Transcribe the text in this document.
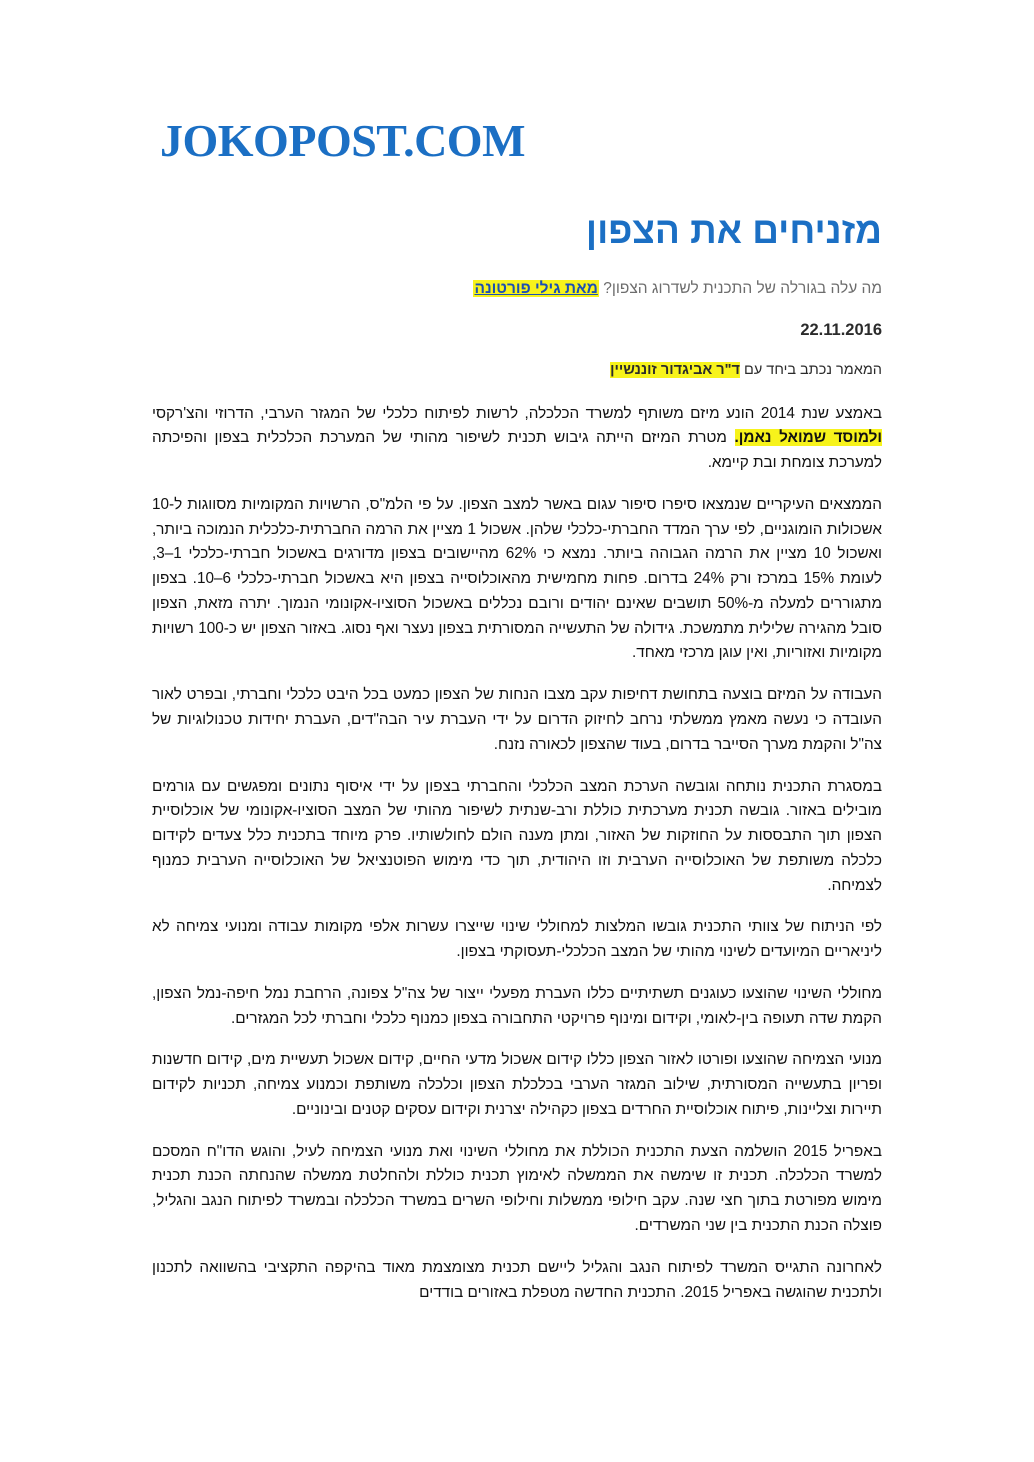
JOKOPOST.COM
מזניחים את הצפון
מה עלה בגורלה של התכנית לשדרוג הצפון? מאת גילי פורטונה
22.11.2016
המאמר נכתב ביחד עם ד"ר אביגדור זוננשיין

באמצע שנת 2014 הונע מיזם משותף למשרד הכלכלה, לרשות לפיתוח כלכלי של המגזר הערבי, הדרוזי והצ'רקסי ולמוסד שמואל נאמן. מטרת המיזם הייתה גיבוש תכנית לשיפור מהותי של המערכת הכלכלית בצפון והפיכתה למערכת צומחת ובת קיימא.

הממצאים העיקריים שנמצאו סיפרו סיפור עגום באשר למצב הצפון. על פי הלמ"ס, הרשויות המקומיות מסווגות ל-10 אשכולות הומוגניים, לפי ערך המדד החברתי-כלכלי שלהן. אשכול 1 מציין את הרמה החברתית-כלכלית הנמוכה ביותר, ואשכול 10 מציין את הרמה הגבוהה ביותר. נמצא כי 62% מהיישובים בצפון מדורגים באשכול חברתי-כלכלי 1–3, לעומת 15% במרכז ורק 24% בדרום. פחות מחמישית מהאוכלוסייה בצפון היא באשכול חברתי-כלכלי 6–10. בצפון מתגוררים למעלה מ-50% תושבים שאינם יהודים ורובם נכללים באשכול הסוציו-אקונומי הנמוך. יתרה מזאת, הצפון סובל מהגירה שלילית מתמשכת. גידולה של התעשייה המסורתית בצפון נעצר ואף נסוג. באזור הצפון יש כ-100 רשויות מקומיות ואזוריות, ואין עוגן מרכזי מאחד.

העבודה על המיזם בוצעה בתחושת דחיפות עקב מצבו הנחות של הצפון כמעט בכל היבט כלכלי וחברתי, ובפרט לאור העובדה כי נעשה מאמץ ממשלתי נרחב לחיזוק הדרום על ידי העברת עיר הבה"דים, העברת יחידות טכנולוגיות של צה"ל והקמת מערך הסייבר בדרום, בעוד שהצפון לכאורה נזנח.

במסגרת התכנית נותחה וגובשה הערכת המצב הכלכלי והחברתי בצפון על ידי איסוף נתונים ומפגשים עם גורמים מובילים באזור. גובשה תכנית מערכתית כוללת ורב-שנתית לשיפור מהותי של המצב הסוציו-אקונומי של אוכלוסיית הצפון תוך התבססות על החוזקות של האזור, ומתן מענה הולם לחולשותיו. פרק מיוחד בתכנית כלל צעדים לקידום כלכלה משותפת של האוכלוסייה הערבית וזו היהודית, תוך כדי מימוש הפוטנציאל של האוכלוסייה הערבית כמנוף לצמיחה.

לפי הניתוח של צוותי התכנית גובשו המלצות למחוללי שינוי שייצרו עשרות אלפי מקומות עבודה ומנועי צמיחה לא ליניאריים המיועדים לשינוי מהותי של המצב הכלכלי-תעסוקתי בצפון.

מחוללי השינוי שהוצעו כעוגנים תשתיתיים כללו העברת מפעלי ייצור של צה"ל צפונה, הרחבת נמל חיפה-נמל הצפון, הקמת שדה תעופה בין-לאומי, וקידום ומינוף פרויקטי התחבורה בצפון כמנוף כלכלי וחברתי לכל המגזרים.

מנועי הצמיחה שהוצעו ופורטו לאזור הצפון כללו קידום אשכול מדעי החיים, קידום אשכול תעשיית מים, קידום חדשנות ופריון בתעשייה המסורתית, שילוב המגזר הערבי בכלכלת הצפון וכלכלה משותפת וכמנוע צמיחה, תכניות לקידום תיירות וצליינות, פיתוח אוכלוסיית החרדים בצפון כקהילה יצרנית וקידום עסקים קטנים ובינוניים.

באפריל 2015 הושלמה הצעת התכנית הכוללת את מחוללי השינוי ואת מנועי הצמיחה לעיל, והוגש הדו"ח המסכם למשרד הכלכלה. תכנית זו שימשה את הממשלה לאימוץ תכנית כוללת ולהחלטת ממשלה שהנחתה הכנת תכנית מימוש מפורטת בתוך חצי שנה. עקב חילופי ממשלות וחילופי השרים במשרד הכלכלה ובמשרד לפיתוח הנגב והגליל, פוצלה הכנת התכנית בין שני המשרדים.

לאחרונה התגייס המשרד לפיתוח הנגב והגליל ליישם תכנית מצומצמת מאוד בהיקפה התקציבי בהשוואה לתכנון ולתכנית שהוגשה באפריל 2015. התכנית החדשה מטפלת באזורים בודדים
